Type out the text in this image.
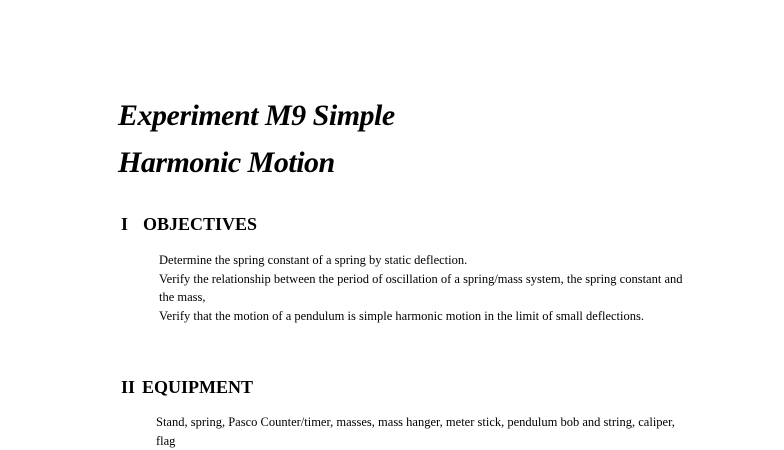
Experiment M9 Simple
Harmonic Motion
I OBJECTIVES
Determine the spring constant of a spring by static deflection.
Verify the relationship between the period of oscillation of a spring/mass system, the spring constant and the mass,
Verify that the motion of a pendulum is simple harmonic motion in the limit of small deflections.
II EQUIPMENT

Stand, spring, Pasco Counter/timer, masses, mass hanger, meter stick, pendulum bob and string, caliper, flag
